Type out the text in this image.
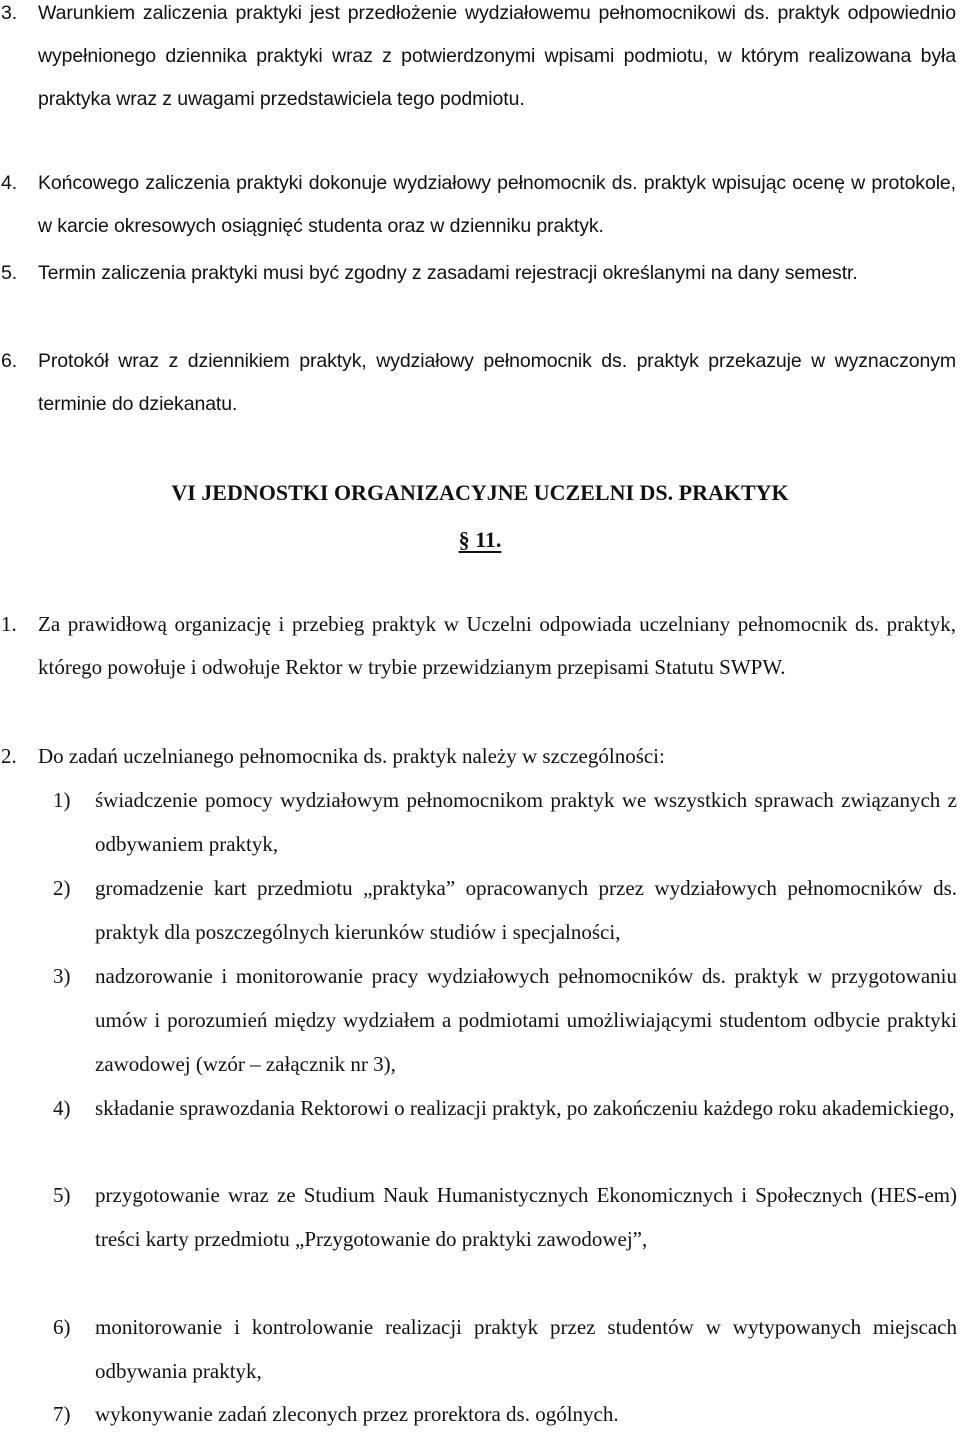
3. Warunkiem zaliczenia praktyki jest przedłożenie wydziałowemu pełnomocnikowi ds. praktyk odpowiednio wypełnionego dziennika praktyki wraz z potwierdzonymi wpisami podmiotu, w którym realizowana była praktyka wraz z uwagami przedstawiciela tego podmiotu.
4. Końcowego zaliczenia praktyki dokonuje wydziałowy pełnomocnik ds. praktyk wpisując ocenę w protokole, w karcie okresowych osiągnięć studenta oraz w dzienniku praktyk.
5. Termin zaliczenia praktyki musi być zgodny z zasadami rejestracji określanymi na dany semestr.
6. Protokół wraz z dziennikiem praktyk, wydziałowy pełnomocnik ds. praktyk przekazuje w wyznaczonym terminie do dziekanatu.
VI JEDNOSTKI ORGANIZACYJNE UCZELNI DS. PRAKTYK
§ 11.
1. Za prawidłową organizację i przebieg praktyk w Uczelni odpowiada uczelniany pełnomocnik ds. praktyk, którego powołuje i odwołuje Rektor w trybie przewidzianym przepisami Statutu SWPW.
2. Do zadań uczelnianego pełnomocnika ds. praktyk należy w szczególności:
1) świadczenie pomocy wydziałowym pełnomocnikom praktyk we wszystkich sprawach związanych z odbywaniem praktyk,
2) gromadzenie kart przedmiotu „praktyka” opracowanych przez wydziałowych pełnomocników ds. praktyk dla poszczególnych kierunków studiów i specjalności,
3) nadzorowanie i monitorowanie pracy wydziałowych pełnomocników ds. praktyk w przygotowaniu umów i porozumień między wydziałem a podmiotami umożliwiającymi studentom odbycie praktyki zawodowej (wzór – załącznik nr 3),
4) składanie sprawozdania Rektorowi o realizacji praktyk, po zakończeniu każdego roku akademickiego,
5) przygotowanie wraz ze Studium Nauk Humanistycznych Ekonomicznych i Społecznych (HES-em) treści karty przedmiotu „Przygotowanie do praktyki zawodowej”,
6) monitorowanie i kontrolowanie realizacji praktyk przez studentów w wytypowanych miejscach odbywania praktyk,
7) wykonywanie zadań zleconych przez prorektora ds. ogólnych.
